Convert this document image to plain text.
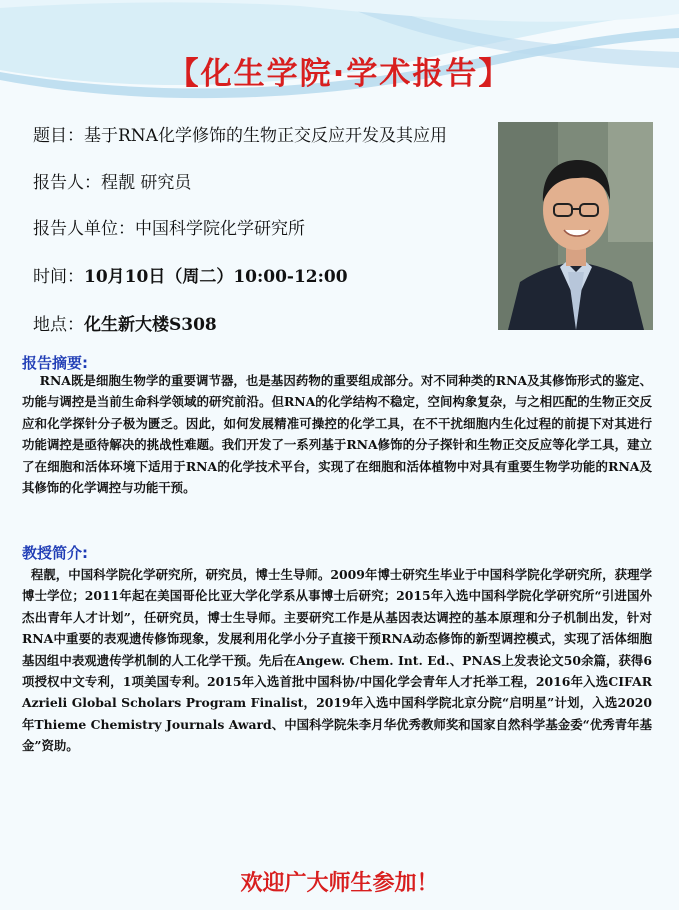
【化生学院·学术报告】
题目：基于RNA化学修饰的生物正交反应开发及其应用
报告人：程靓 研究员
报告人单位：中国科学院化学研究所
时间：10月10日（周二）10:00-12:00
地点：化生新大楼S308
报告摘要:
RNA既是细胞生物学的重要调节器，也是基因药物的重要组成部分。对不同种类的RNA及其修饰形式的鉴定、功能与调控是当前生命科学领域的研究前沿。但RNA的化学结构不稳定，空间构象复杂，与之相匹配的生物正交反应和化学探针分子极为匮乏。因此，如何发展精准可操控的化学工具，在不干扰细胞内生化过程的前提下对其进行功能调控是亟待解决的挑战性难题。我们开发了一系列基于RNA修饰的分子探针和生物正交反应等化学工具，建立了在细胞和活体环境下适用于RNA的化学技术平台，实现了在细胞和活体植物中对具有重要生物学功能的RNA及其修饰的化学调控与功能干预。
教授简介:
程靓，中国科学院化学研究所，研究员，博士生导师。2009年博士研究生毕业于中国科学院化学研究所，获理学博士学位；2011年起在美国哥伦比亚大学化学系从事博士后研究；2015年入选中国科学院化学研究所“引进国外杰出青年人才计划”，任研究员，博士生导师。主要研究工作是从基因表达调控的基本原理和分子机制出发，针对RNA中重要的表观遗传修饰现象，发展利用化学小分子直接干预RNA动态修饰的新型调控模式，实现了活体细胞基因组中表观遗传学机制的人工化学干预。先后在Angew. Chem. Int. Ed.、PNAS上发表论文50余篇，获得6项授权中文专利，1项美国专利。2015年入选首批中国科协/中国化学会青年人才托举工程，2016年入选CIFAR Azrieli Global Scholars Program Finalist，2019年入选中国科学院北京分院“启明星”计划，入选2020年Thieme Chemistry Journals Award、中国科学院朱李月华优秀教师奖和国家自然科学基金委“优秀青年基金”资助。
欢迎广大师生参加！
